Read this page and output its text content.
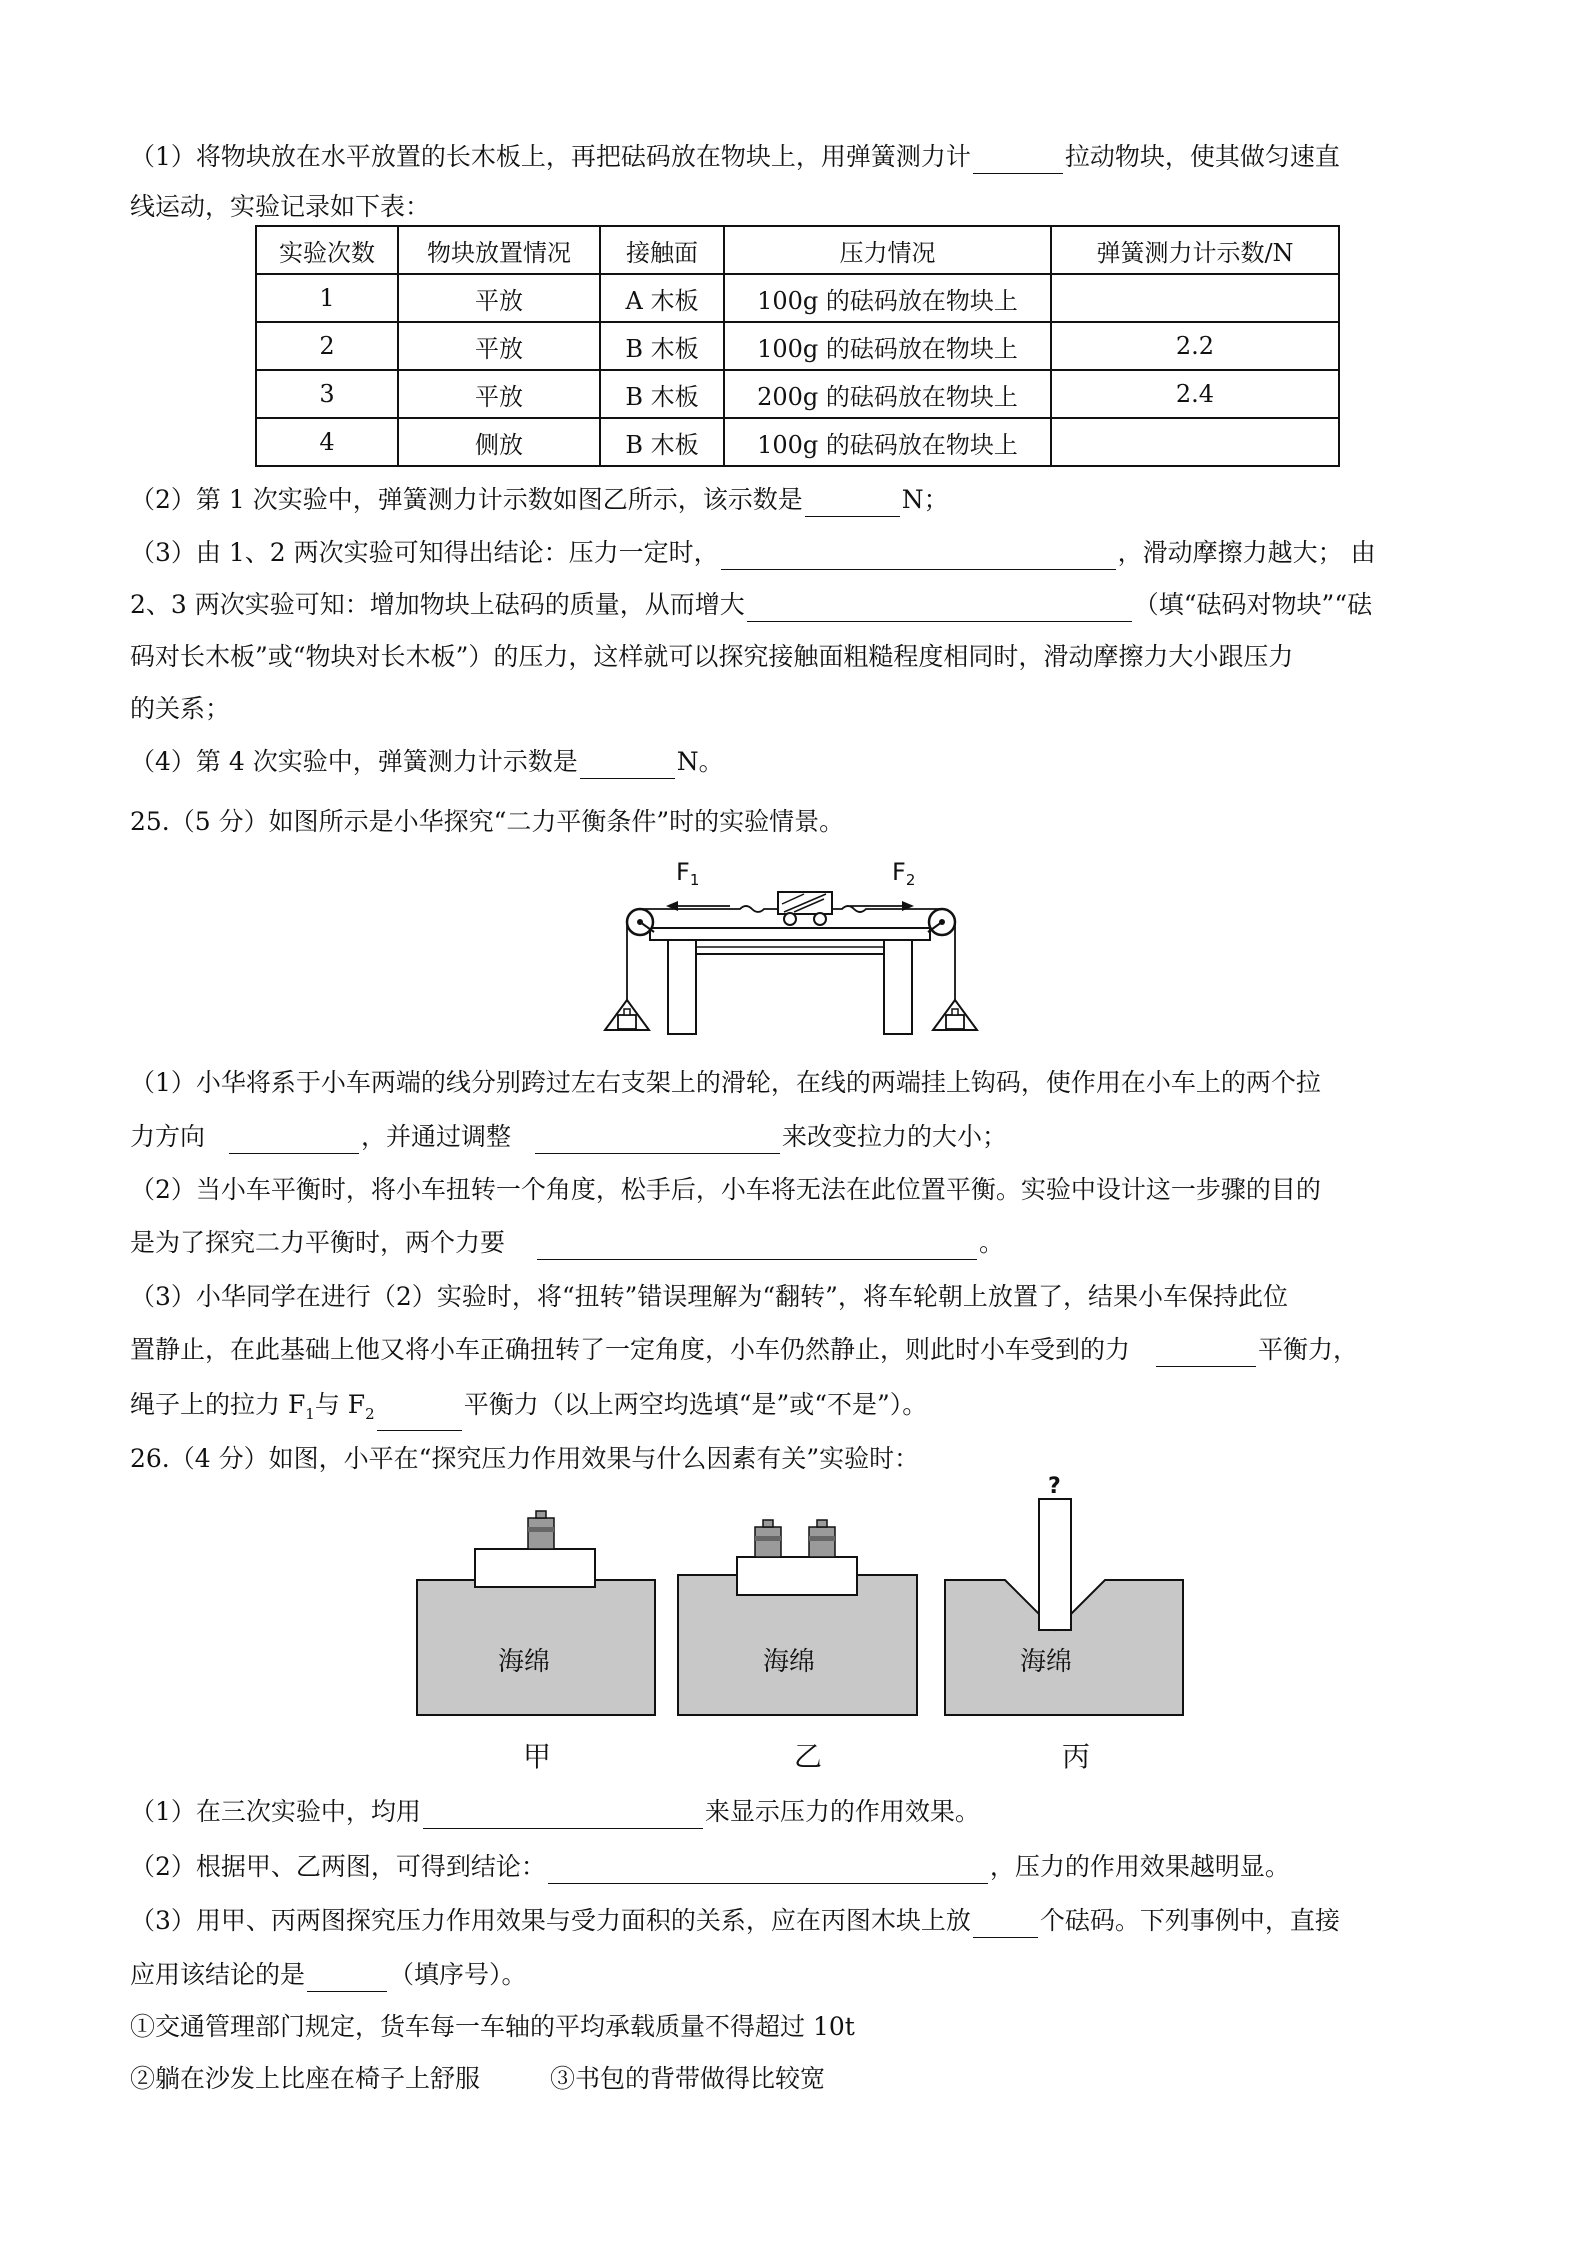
（1）将物块放在水平放置的长木板上，再把砝码放在物块上，用弹簧测力计	拉动物块，使其做匀速直
线运动，实验记录如下表：
实验次数	物块放置情况	接触面	压力情况	弹簧测力计示数/N
1	平放	A 木板	100g 的砝码放在物块上	
2	平放	B 木板	100g 的砝码放在物块上	2.2
3	平放	B 木板	200g 的砝码放在物块上	2.4
4	侧放	B 木板	100g 的砝码放在物块上	
（2）第 1 次实验中，弹簧测力计示数如图乙所示，该示数是	N；
（3）由 1、2 两次实验可知得出结论：压力一定时，	，滑动摩擦力越大； 由
2、3 两次实验可知：增加物块上砝码的质量，从而增大	（填“砝码对物块”“砝
码对长木板”或“物块对长木板”）的压力，这样就可以探究接触面粗糙程度相同时，滑动摩擦力大小跟压力
的关系；
（4）第 4 次实验中，弹簧测力计示数是	N。
25.（5 分）如图所示是小华探究“二力平衡条件”时的实验情景。
$F_1$	$F_2$
（1）小华将系于小车两端的线分别跨过左右支架上的滑轮，在线的两端挂上钩码，使作用在小车上的两个拉
力方向	，并通过调整	来改变拉力的大小；
（2）当小车平衡时，将小车扭转一个角度，松手后，小车将无法在此位置平衡。实验中设计这一步骤的目的
是为了探究二力平衡时，两个力要	。
（3）小华同学在进行（2）实验时，将“扭转”错误理解为“翻转”，将车轮朝上放置了，结果小车保持此位
置静止，在此基础上他又将小车正确扭转了一定角度，小车仍然静止，则此时小车受到的力	平衡力，
绳子上的拉力 $F_1$与 $F_2$	平衡力（以上两空均选填“是”或“不是”）。
26.（4 分）如图，小平在“探究压力作用效果与什么因素有关”实验时：
海绵	海绵
?
海绵
甲	乙	丙
（1）在三次实验中，均用	来显示压力的作用效果。
（2）根据甲、乙两图，可得到结论：	，压力的作用效果越明显。
（3）用甲、丙两图探究压力作用效果与受力面积的关系，应在丙图木块上放	个砝码。下列事例中，直接
应用该结论的是	（填序号）。
①交通管理部门规定，货车每一车轴的平均承载质量不得超过 10t
②躺在沙发上比座在椅子上舒服	③书包的背带做得比较宽
